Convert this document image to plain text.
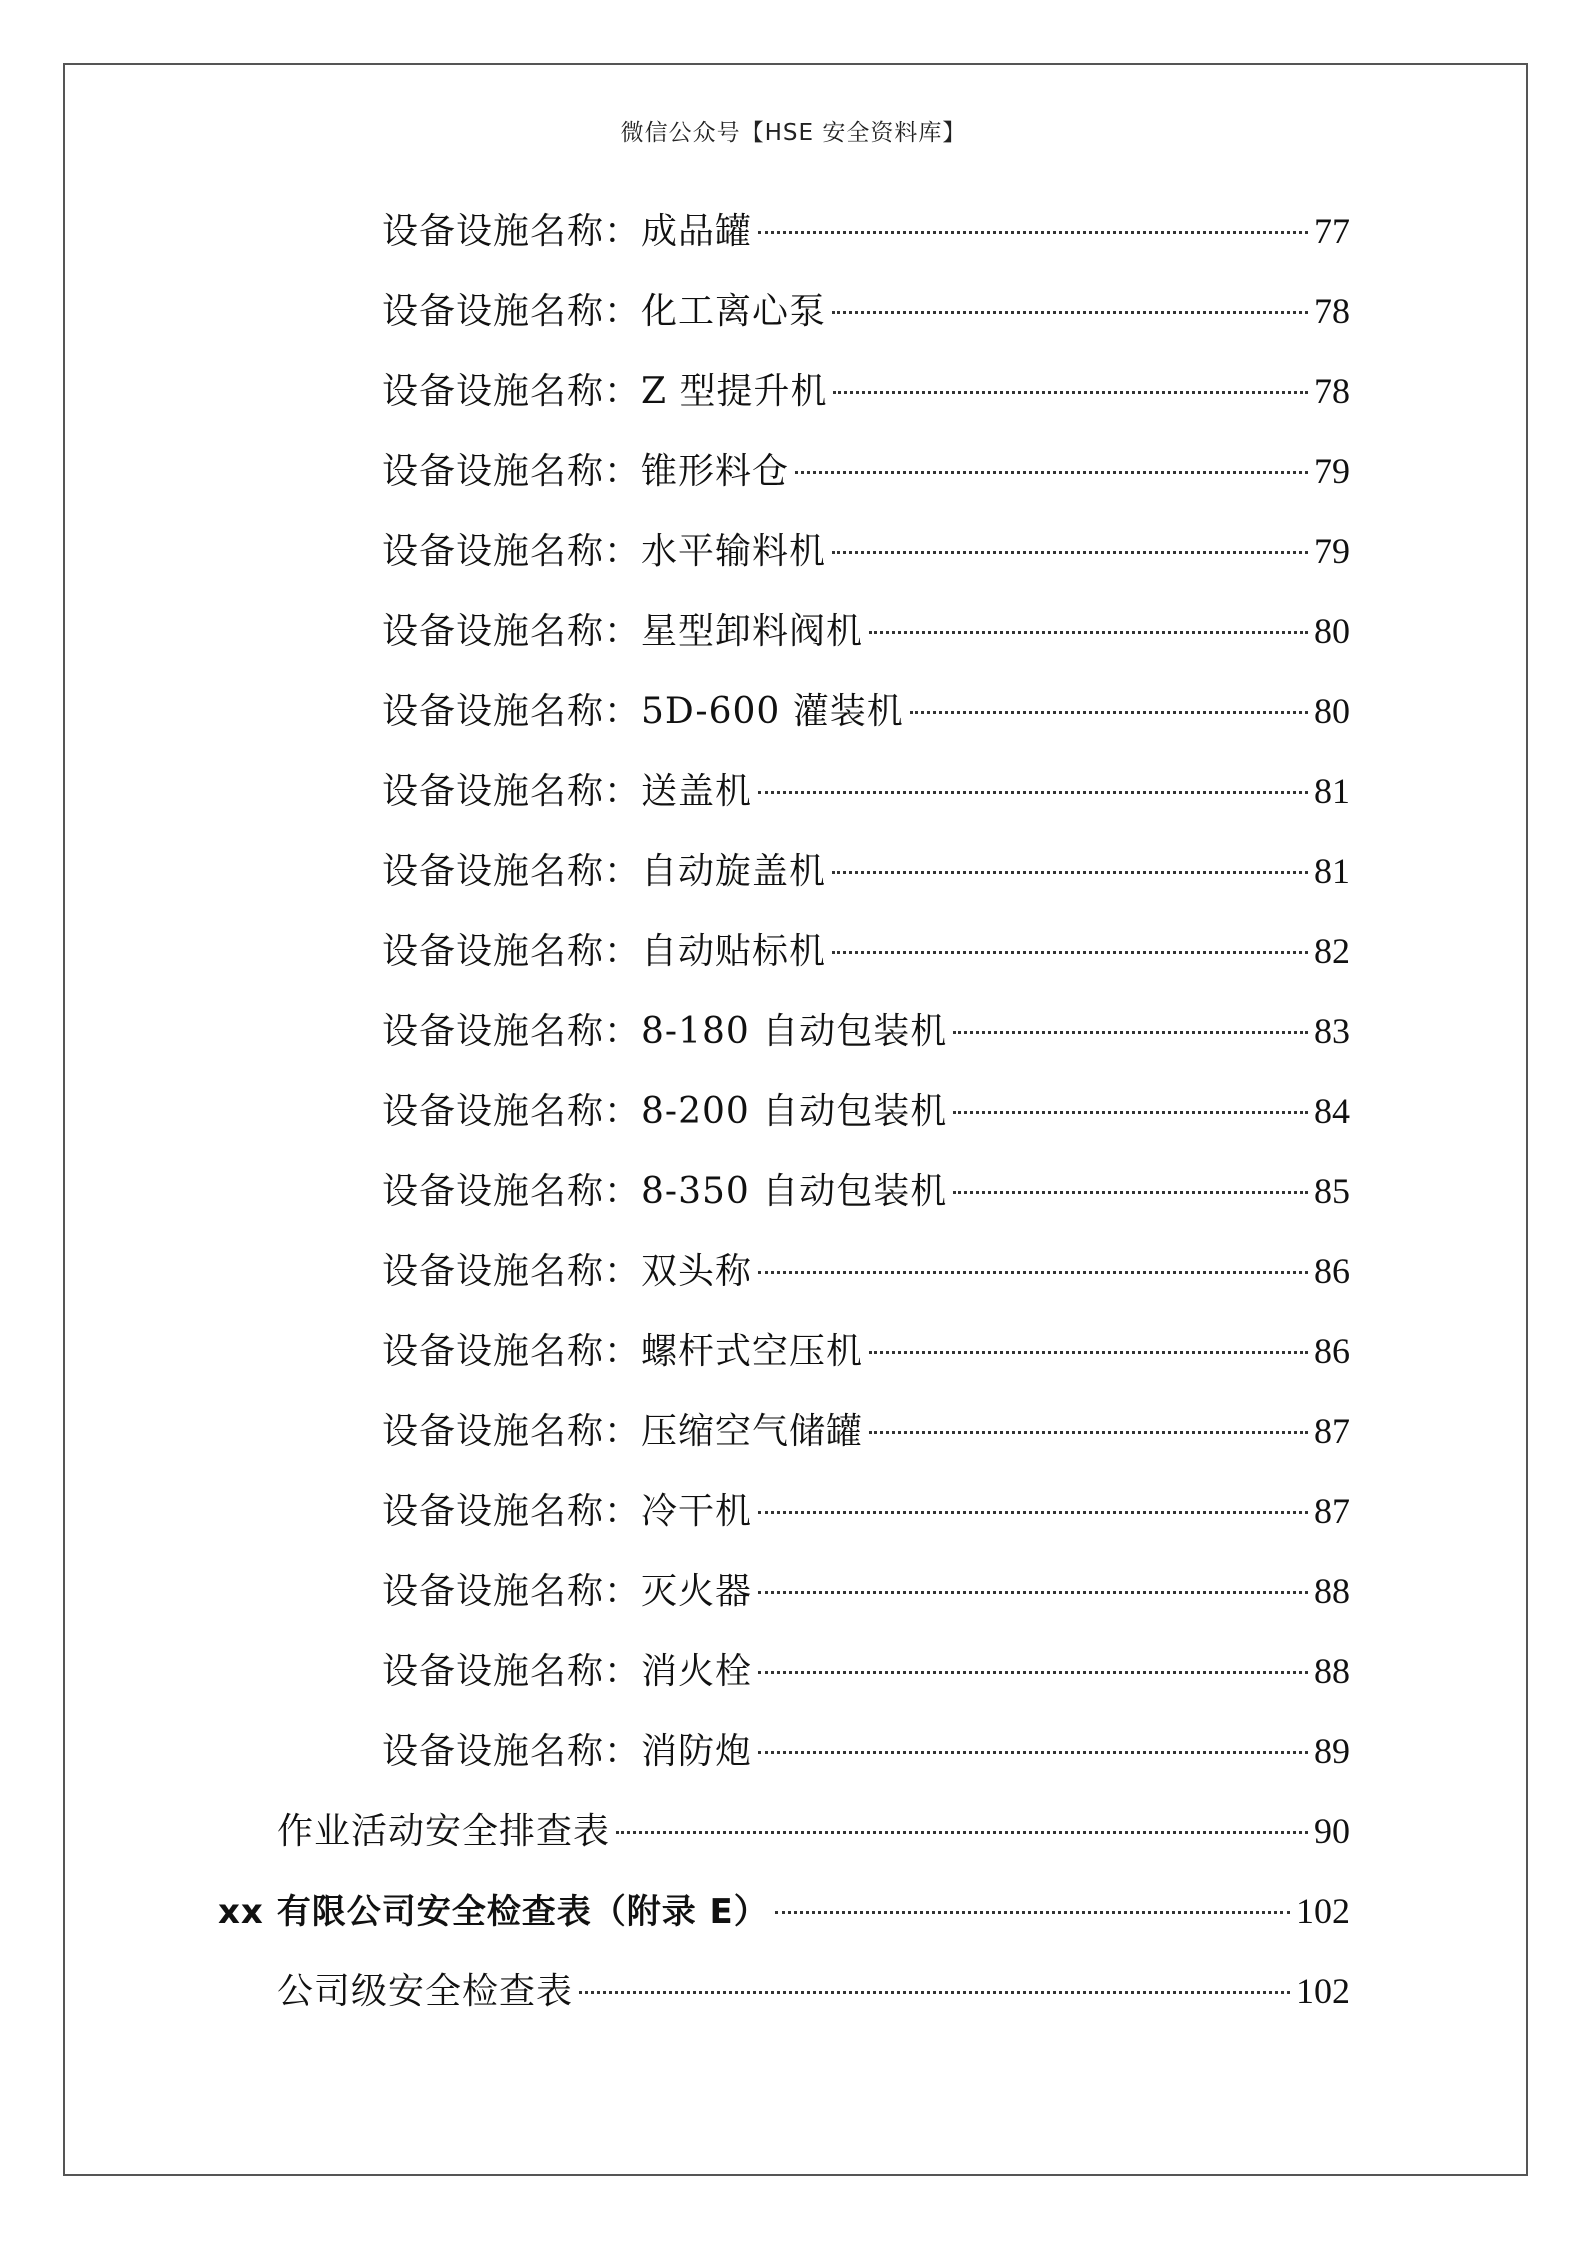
微信公众号【HSE 安全资料库】
设备设施名称：成品罐	77
设备设施名称：化工离心泵	78
设备设施名称：Z 型提升机	78
设备设施名称：锥形料仓	79
设备设施名称：水平输料机	79
设备设施名称：星型卸料阀机	80
设备设施名称：5D-600 灌装机	80
设备设施名称：送盖机	81
设备设施名称：自动旋盖机	81
设备设施名称：自动贴标机	82
设备设施名称：8-180 自动包装机	83
设备设施名称：8-200 自动包装机	84
设备设施名称：8-350 自动包装机	85
设备设施名称：双头称	86
设备设施名称：螺杆式空压机	86
设备设施名称：压缩空气储罐	87
设备设施名称：冷干机	87
设备设施名称：灭火器	88
设备设施名称：消火栓	88
设备设施名称：消防炮	89
作业活动安全排查表	90
xx 有限公司安全检查表（附录 E）	102
公司级安全检查表	102
